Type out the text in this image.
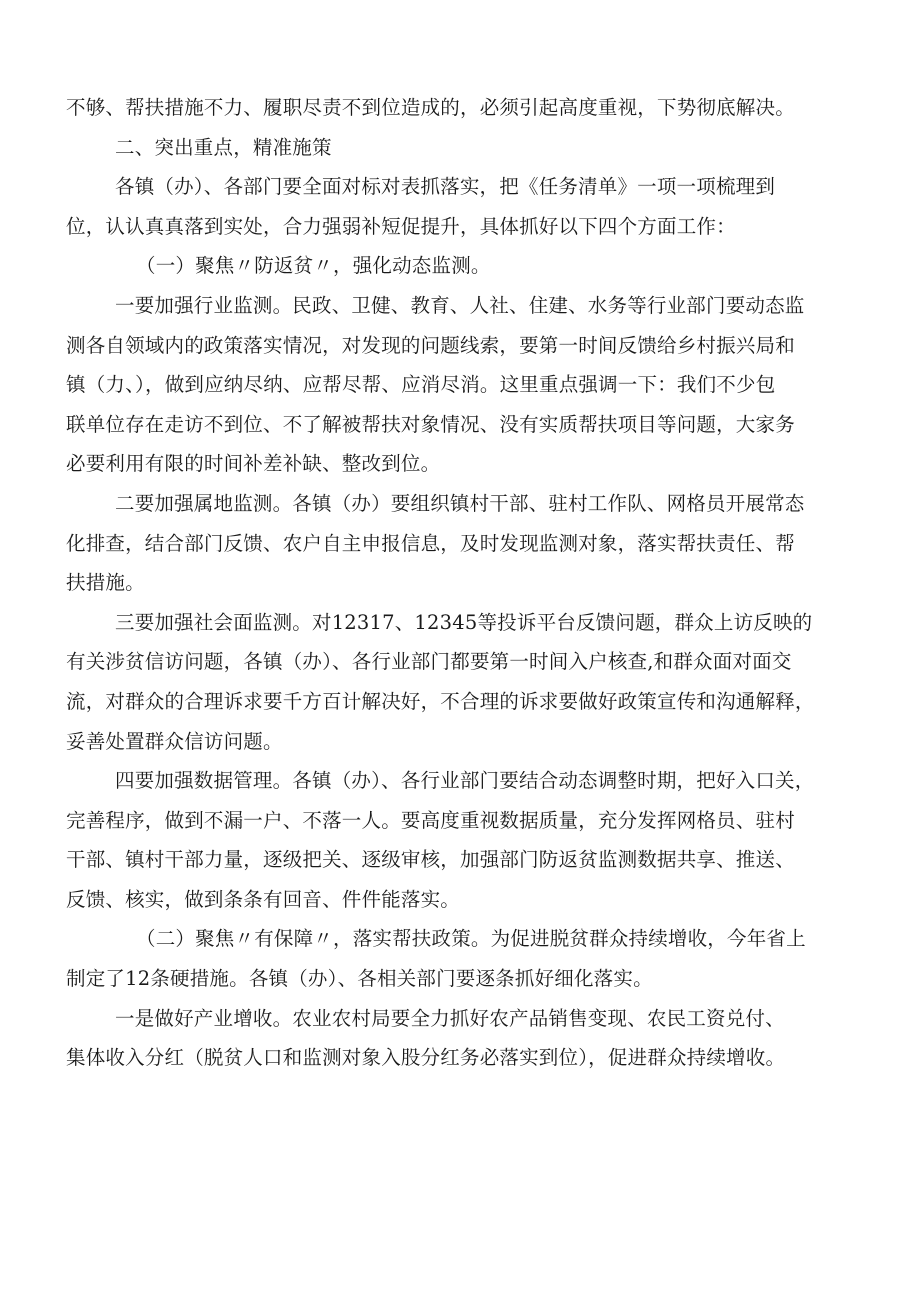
不够、帮扶措施不力、履职尽责不到位造成的，必须引起高度重视，下势彻底解决。
二、突出重点，精准施策
各镇（办）、各部门要全面对标对表抓落实，把《任务清单》一项一项梳理到
位，认认真真落到实处，合力强弱补短促提升，具体抓好以下四个方面工作：
（一）聚焦〃防返贫〃，强化动态监测。
一要加强行业监测。民政、卫健、教育、人社、住建、水务等行业部门要动态监
测各自领域内的政策落实情况，对发现的问题线索，要第一时间反馈给乡村振兴局和
镇（力、），做到应纳尽纳、应帮尽帮、应消尽消。这里重点强调一下：我们不少包
联单位存在走访不到位、不了解被帮扶对象情况、没有实质帮扶项目等问题，大家务
必要利用有限的时间补差补缺、整改到位。
二要加强属地监测。各镇（办）要组织镇村干部、驻村工作队、网格员开展常态
化排查，结合部门反馈、农户自主申报信息，及时发现监测对象，落实帮扶责任、帮
扶措施。
三要加强社会面监测。对12317、12345等投诉平台反馈问题，群众上访反映的
有关涉贫信访问题，各镇（办）、各行业部门都要第一时间入户核查,和群众面对面交
流，对群众的合理诉求要千方百计解决好，不合理的诉求要做好政策宣传和沟通解释，
妥善处置群众信访问题。
四要加强数据管理。各镇（办）、各行业部门要结合动态调整时期，把好入口关，
完善程序，做到不漏一户、不落一人。要高度重视数据质量，充分发挥网格员、驻村
干部、镇村干部力量，逐级把关、逐级审核，加强部门防返贫监测数据共享、推送、
反馈、核实，做到条条有回音、件件能落实。
（二）聚焦〃有保障〃，落实帮扶政策。为促进脱贫群众持续增收，今年省上
制定了12条硬措施。各镇（办）、各相关部门要逐条抓好细化落实。
一是做好产业增收。农业农村局要全力抓好农产品销售变现、农民工资兑付、
集体收入分红（脱贫人口和监测对象入股分红务必落实到位），促进群众持续增收。
